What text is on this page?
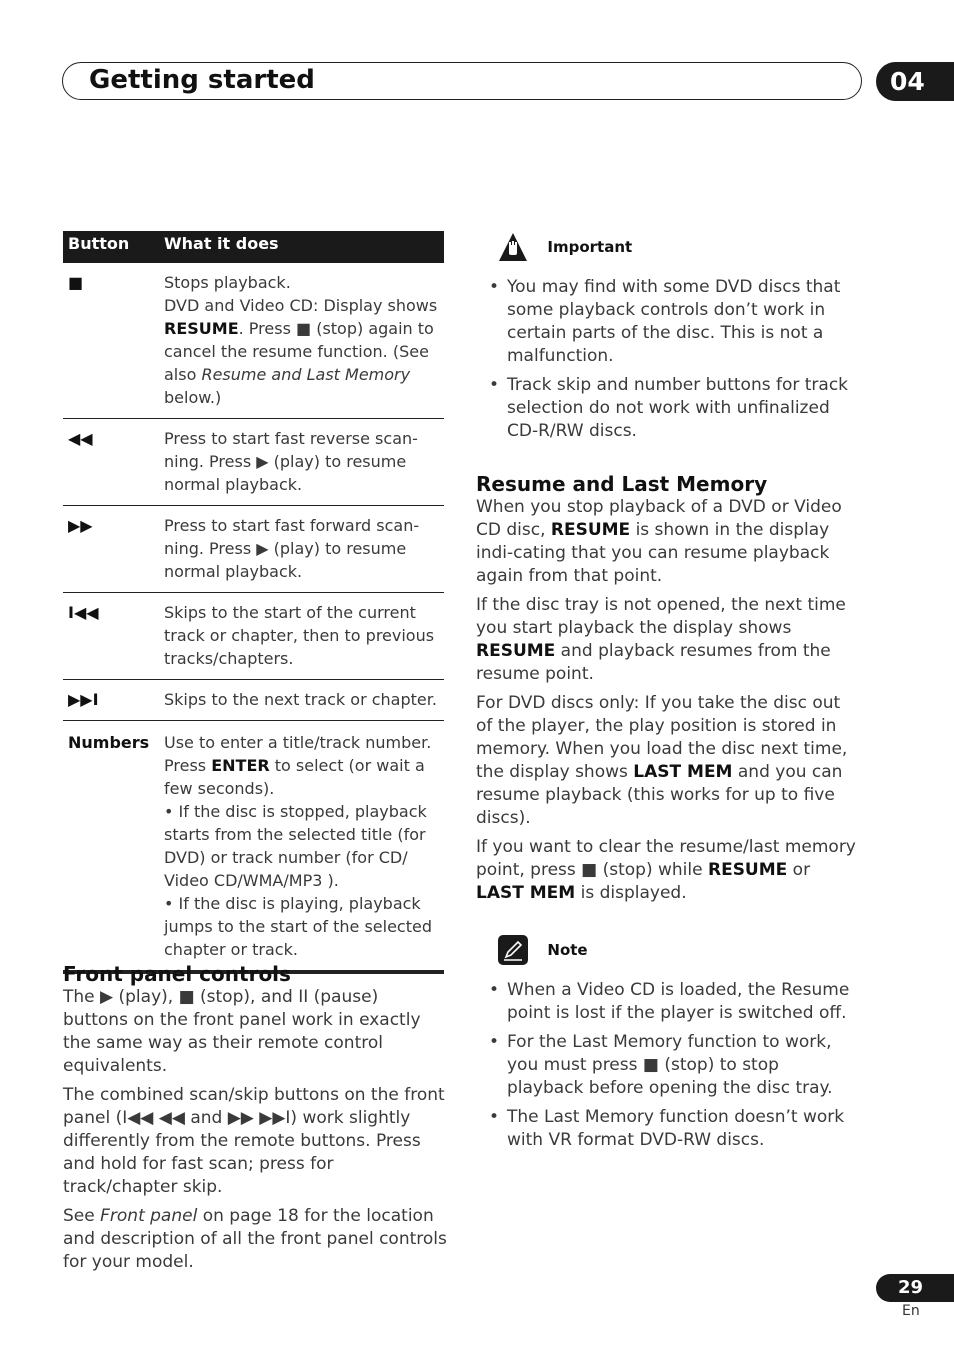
Getting started	04
Button What it does
■	Stops playback.
DVD and Video CD: Display shows RESUME. Press ■ (stop) again to cancel the resume function. (See also Resume and Last Memory below.)
◀◀	Press to start fast reverse scan-ning. Press ▶ (play) to resume normal playback.
▶▶	Press to start fast forward scan-ning. Press ▶ (play) to resume normal playback.
I◀◀	Skips to the start of the current track or chapter, then to previous tracks/chapters.
▶▶I	Skips to the next track or chapter.
Numbers Use to enter a title/track number. Press ENTER to select (or wait a few seconds).
• If the disc is stopped, playback starts from the selected title (for DVD) or track number (for CD/ Video CD/WMA/MP3 ).
• If the disc is playing, playback jumps to the start of the selected chapter or track.
Front panel controls

The ▶ (play), ■ (stop), and II (pause) buttons on the front panel work in exactly the same way as their remote control equivalents.

The combined scan/skip buttons on the front panel (I◀◀ ◀◀ and ▶▶ ▶▶I) work slightly differently from the remote buttons. Press and hold for fast scan; press for track/chapter skip.

See Front panel on page 18 for the location and description of all the front panel controls for your model.

Important
• You may find with some DVD discs that some playback controls don’t work in certain parts of the disc. This is not a malfunction.
• Track skip and number buttons for track selection do not work with unfinalized CD-R/RW discs.
Resume and Last Memory

When you stop playback of a DVD or Video CD disc, RESUME is shown in the display indi-cating that you can resume playback again from that point.

If the disc tray is not opened, the next time you start playback the display shows RESUME and playback resumes from the resume point.

For DVD discs only: If you take the disc out of the player, the play position is stored in memory. When you load the disc next time, the display shows LAST MEM and you can resume playback (this works for up to five discs).

If you want to clear the resume/last memory point, press ■ (stop) while RESUME or LAST MEM is displayed.

Note
• When a Video CD is loaded, the Resume point is lost if the player is switched off.
• For the Last Memory function to work, you must press ■ (stop) to stop playback before opening the disc tray.
• The Last Memory function doesn’t work with VR format DVD-RW discs.
29
En
